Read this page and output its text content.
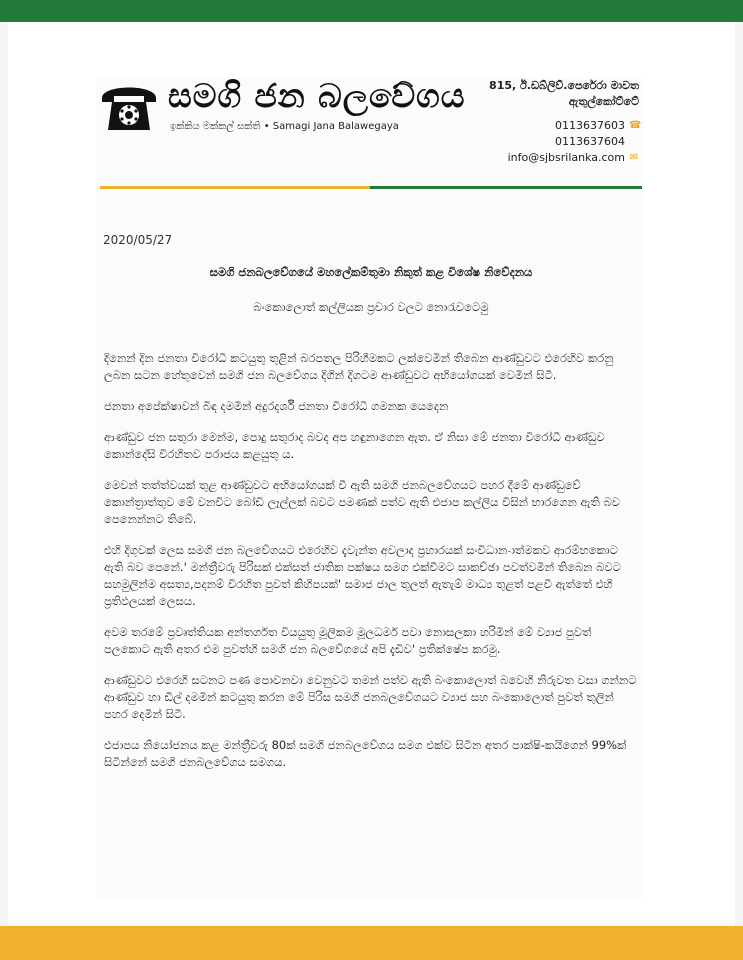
සමගි ජන බලවේගය
ඉක්කිය මක්කල් සක්ති • Samagi Jana Balawegaya
815, ඊ.ඩබ්ලිව්.පෙරේරා මාවත
ඇතුල්කෝට්ටේ
0113637603 ☎
0113637604
info@sjbsrilanka.com ✉
2020/05/27
සමගි ජනබලවේගයේ මහලේකම්තුමා නිකුත් කළ විශේෂ නිවේදනය
බංකොලොත් කල්ලියක ප්‍රචාර වලට නොරැවටෙමු

දිනෙන් දින ජනතා විරෝධී කටයුතු තුළින් බරපතල පිරිහීමකට ලක්වෙමින් තිබෙන ආණ්ඩුවට එරෙහිව කරනු ලබන සටන හේතුවෙන් සමගි ජන බලවේගය දිගින් දිගටම ආණ්ඩුවට අභියෝගයක් වෙමින් සිටී.

ජනතා අපේක්ෂාවන් බිඳ දමමින් අදුරදර්ශී ජනතා විරෝධී ගමනක යෙදෙන

ආණ්ඩුව ජන සතුරා මෙන්ම, පොදු සතුරාද බවද අප හඳුනාගෙන ඇත. ඒ නිසා මේ ජනතා විරෝධී ආණ්ඩුව කොන්දේසි විරහිතව පරාජය කළයුතු ය.

මෙවන් තත්ත්වයක් තුළ ආණ්ඩුවට අභියෝගයක් වී ඇති සමගි ජනබලවේගයට පහර දීමේ ආණ්ඩුවේ කොන්ත්‍රාත්තුව මේ වනවිට බෝඩි ලෑල්ලක් බවට පමණක් පත්ව ඇති එජාප කල්ලිය විසින් භාරගෙන ඇති බව පෙනෙන්නට තිබේ.

එහි දිගුවක් ලෙස සමගි ජන බලවේගයට එරෙහිව දැවැන්ත අවලාද ප්‍රහාරයක් සංවිධාන-ාත්මකව ආරම්භකොට ඇති බව පෙනේ.' මන්ත්‍රීවරු පිරිසක් එක්සත් ජාතික පක්ෂය සමග එක්වීමට සාකච්ඡා පවත්වමින් තිබෙන බවට සහමුලින්ම අසත්‍ය,පදනම් විරහිත පුවත් කිහිපයක්' සමාජ ජාල තුලත් ඇතැම් මාධ්‍ය තුළත් පළවී ඇත්තේ එහි ප්‍රතිඵලයක් ලෙසය.

අවම තරමේ ප්‍රවෘත්තියක අන්තර්ගත වියයුතු මූලිකම මූලධර්ම පවා නොසලකා හරිමින් මේ ව්‍යාජ පුවත් පලකොට ඇති අතර එම පුවත්හි සමගි ජන බලවේගයේ අපි දැඩිව' ප්‍රතික්ෂේප කරමු.

ආණ්ඩුවට එරෙහි සටනට පණ පොවනවා වෙනුවට තමන් පත්ව ඇති බංකොලොත් බවෙහි නිරුවත වසා ගන්නට ආණ්ඩුව හා ඩීල් දමමින් කටයුතු කරන මේ පිරිස සමගි ජනබලවේගයට ව්‍යාජ සහ බංකොලොත් පුවත් තුලින් පහර දෙමින් සිටී.

එජාපය නියෝජනය කළ මන්ත්‍රීවරු 80ක් සමගි ජනබලවේගය සමග එක්ව සිටින අතර පාක්ෂි-කයිගෙන් 99%ක් සිටින්නේ සමගි ජනබලවේගය සමගය.
